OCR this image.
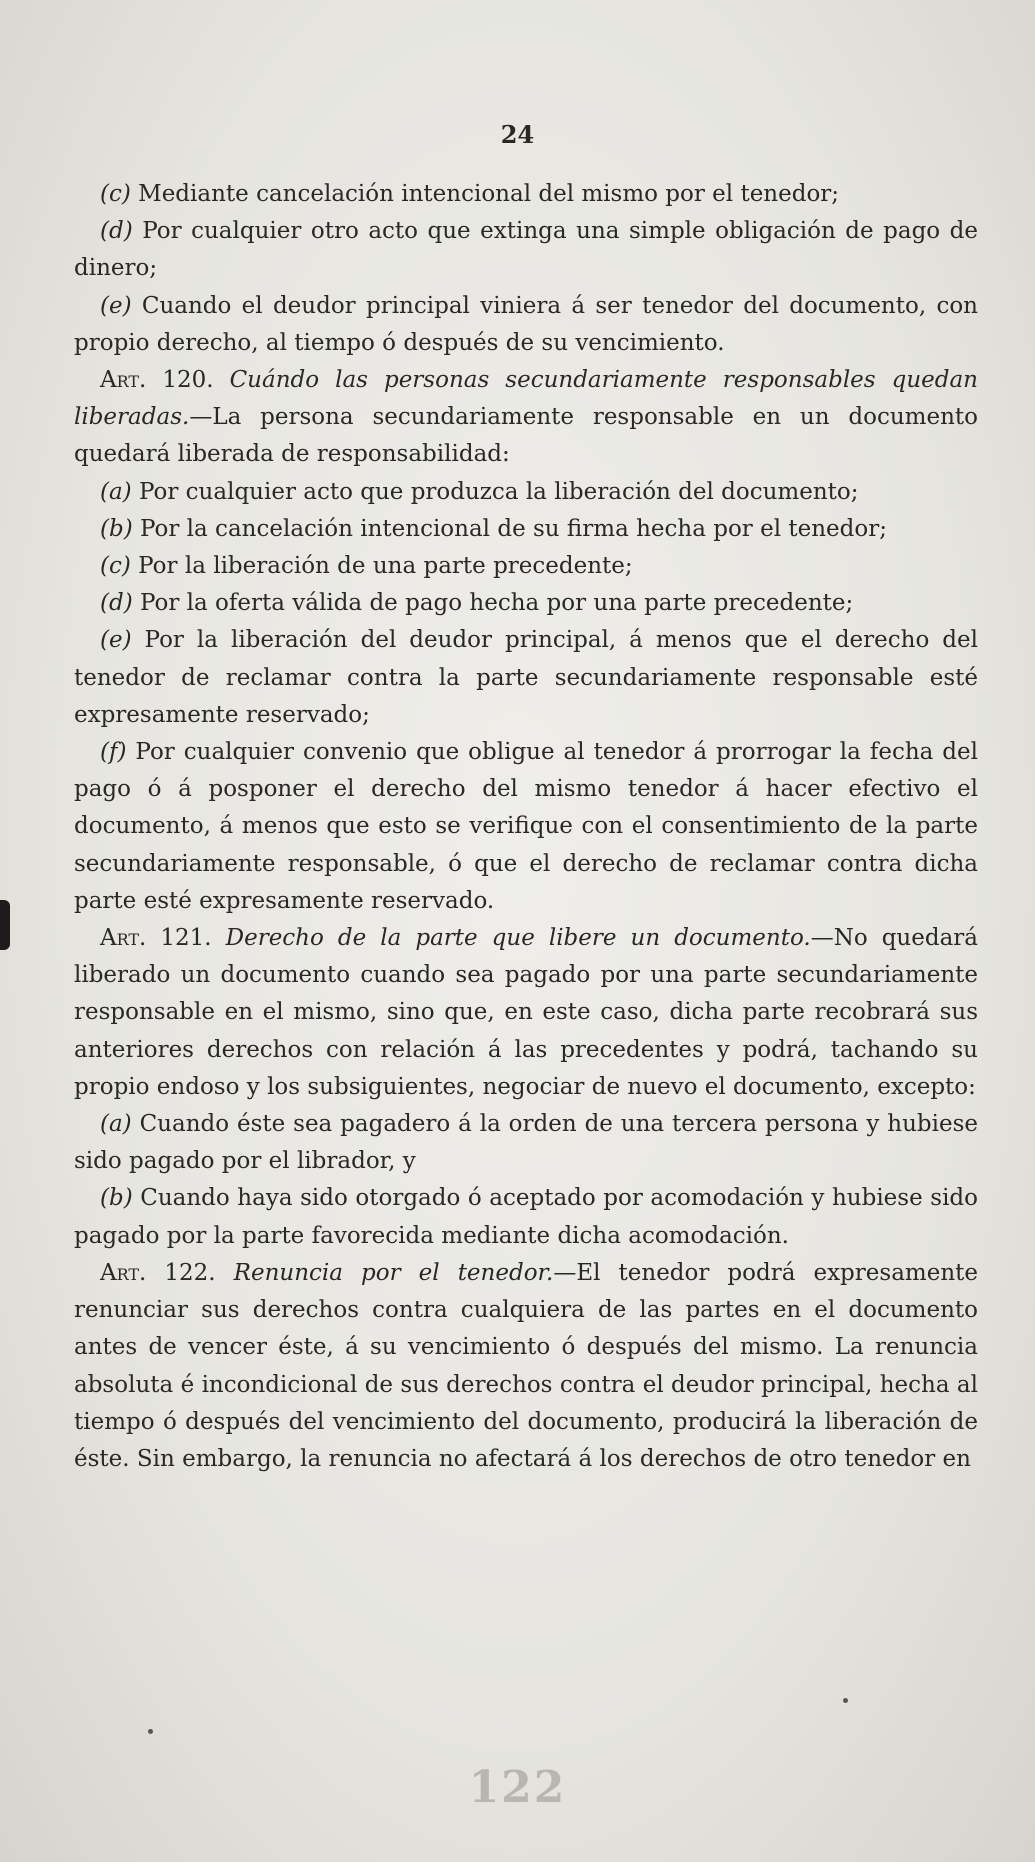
24

(c) Mediante cancelación intencional del mismo por el tenedor;

(d) Por cualquier otro acto que extinga una simple obligación de pago de dinero;

(e) Cuando el deudor principal viniera á ser tenedor del documento, con propio derecho, al tiempo ó después de su vencimiento.

Art. 120. Cuándo las personas secundariamente responsables quedan liberadas.—La persona secundariamente responsable en un documento quedará liberada de responsabilidad:

(a) Por cualquier acto que produzca la liberación del documento;

(b) Por la cancelación intencional de su firma hecha por el tenedor;

(c) Por la liberación de una parte precedente;

(d) Por la oferta válida de pago hecha por una parte precedente;

(e) Por la liberación del deudor principal, á menos que el derecho del tenedor de reclamar contra la parte secundariamente responsable esté expresamente reservado;

(f) Por cualquier convenio que obligue al tenedor á prorrogar la fecha del pago ó á posponer el derecho del mismo tenedor á hacer efectivo el documento, á menos que esto se verifique con el consentimiento de la parte secundariamente responsable, ó que el derecho de reclamar contra dicha parte esté expresamente reservado.

Art. 121. Derecho de la parte que libere un documento.—No quedará liberado un documento cuando sea pagado por una parte secundariamente responsable en el mismo, sino que, en este caso, dicha parte recobrará sus anteriores derechos con relación á las precedentes y podrá, tachando su propio endoso y los subsiguientes, negociar de nuevo el documento, excepto:

(a) Cuando éste sea pagadero á la orden de una tercera persona y hubiese sido pagado por el librador, y

(b) Cuando haya sido otorgado ó aceptado por acomodación y hubiese sido pagado por la parte favorecida mediante dicha acomodación.

Art. 122. Renuncia por el tenedor.—El tenedor podrá expresamente renunciar sus derechos contra cualquiera de las partes en el documento antes de vencer éste, á su vencimiento ó después del mismo. La renuncia absoluta é incondicional de sus derechos contra el deudor principal, hecha al tiempo ó después del vencimiento del documento, producirá la liberación de éste. Sin embargo, la renuncia no afectará á los derechos de otro tenedor en

122
